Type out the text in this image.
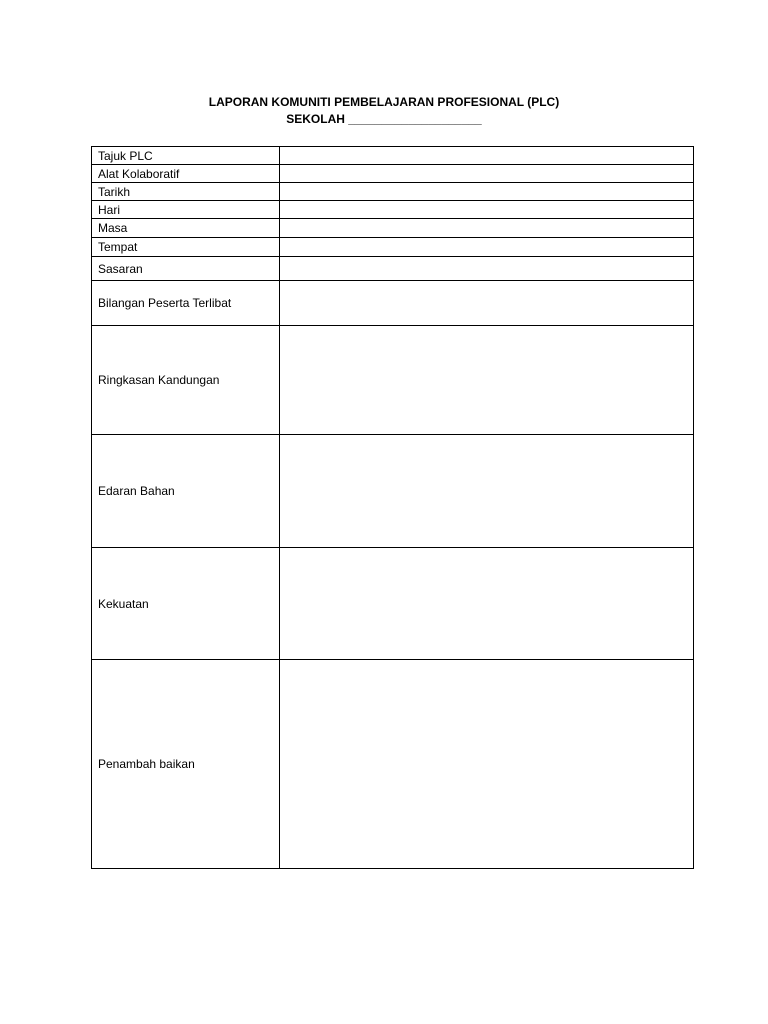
LAPORAN KOMUNITI PEMBELAJARAN PROFESIONAL (PLC)
SEKOLAH ____________________
Tajuk PLC	
Alat Kolaboratif	
Tarikh	
Hari	
Masa	
Tempat	
Sasaran	
Bilangan Peserta Terlibat	
Ringkasan Kandungan	
Edaran Bahan	
Kekuatan	
Penambah baikan	
